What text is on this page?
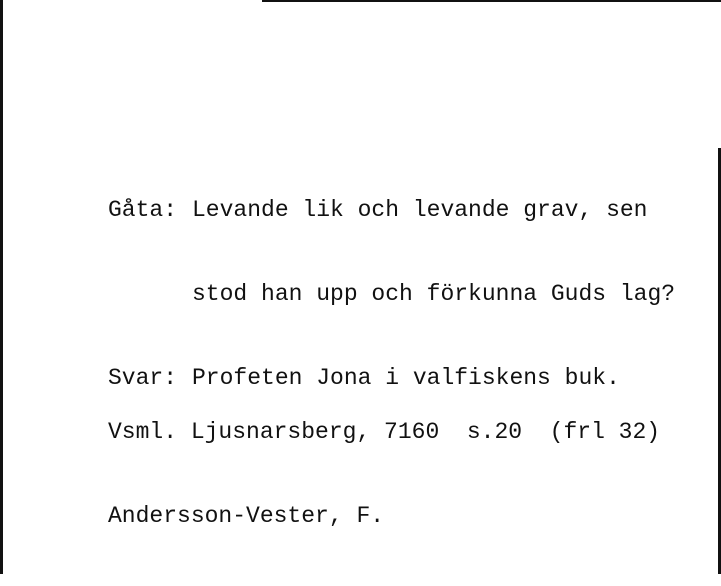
Gåta: Levande lik och levande grav, sen

stod han upp och förkunna Guds lag?

Svar: Profeten Jona i valfiskens buk.

Vsml. Ljusnarsberg, 7160  s.20  (frl 32)

Andersson-Vester, F.
